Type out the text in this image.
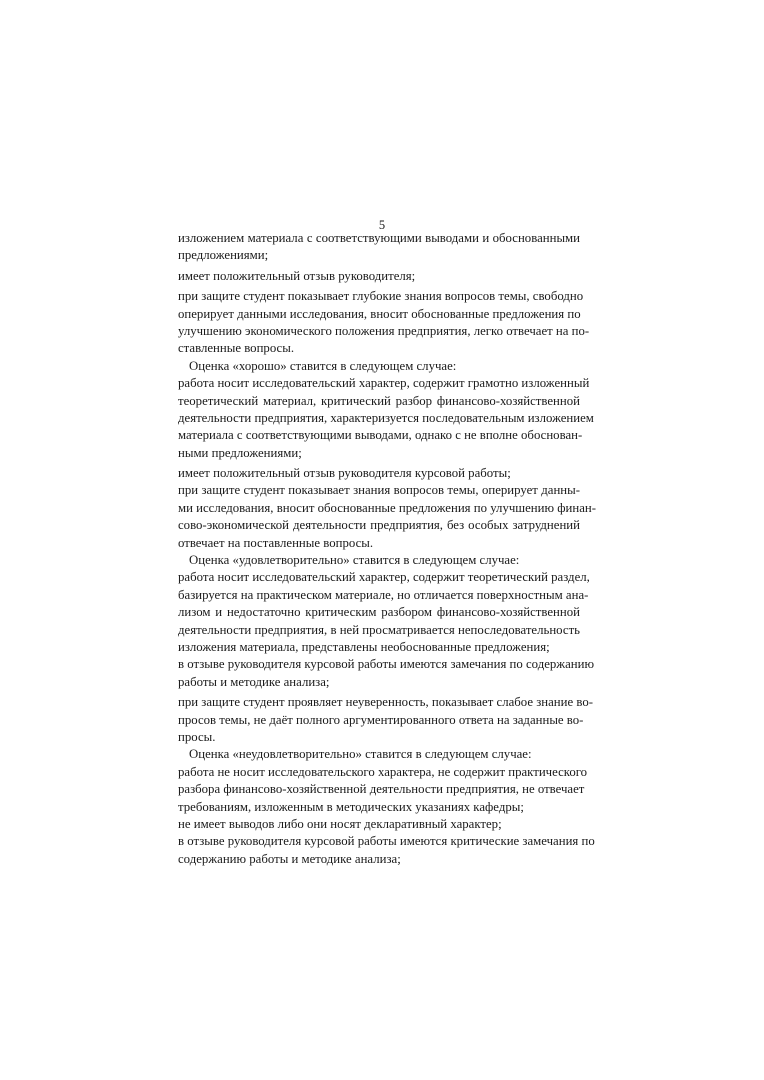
5
изложением материала с соответствующими выводами и обоснованными
предложениями;
имеет положительный отзыв руководителя;
при защите студент показывает глубокие знания вопросов темы, свободно
оперирует данными исследования, вносит обоснованные предложения по
улучшению экономического положения предприятия, легко отвечает на по-
ставленные вопросы.
Оценка «хорошо» ставится в следующем случае:
работа носит исследовательский характер, содержит грамотно изложенный
теоретический материал, критический разбор финансово-хозяйственной
деятельности предприятия, характеризуется последовательным изложением
материала с соответствующими выводами, однако с не вполне обоснован-
ными предложениями;
имеет положительный отзыв руководителя курсовой работы;
при защите студент показывает знания вопросов темы, оперирует данны-
ми исследования, вносит обоснованные предложения по улучшению финан-
сово-экономической деятельности предприятия, без особых затруднений
отвечает на поставленные вопросы.
Оценка «удовлетворительно» ставится в следующем случае:
работа носит исследовательский характер, содержит теоретический раздел,
базируется на практическом материале, но отличается поверхностным ана-
лизом и недостаточно критическим разбором финансово-хозяйственной
деятельности предприятия, в ней просматривается непоследовательность
изложения материала, представлены необоснованные предложения;
в отзыве руководителя курсовой работы имеются замечания по содержанию
работы и методике анализа;
при защите студент проявляет неуверенность, показывает слабое знание во-
просов темы, не даёт полного аргументированного ответа на заданные во-
просы.
Оценка «неудовлетворительно» ставится в следующем случае:
работа не носит исследовательского характера, не содержит практического
разбора финансово-хозяйственной деятельности предприятия, не отвечает
требованиям, изложенным в методических указаниях кафедры;
не имеет выводов либо они носят декларативный характер;
в отзыве руководителя курсовой работы имеются критические замечания по
содержанию работы и методике анализа;
